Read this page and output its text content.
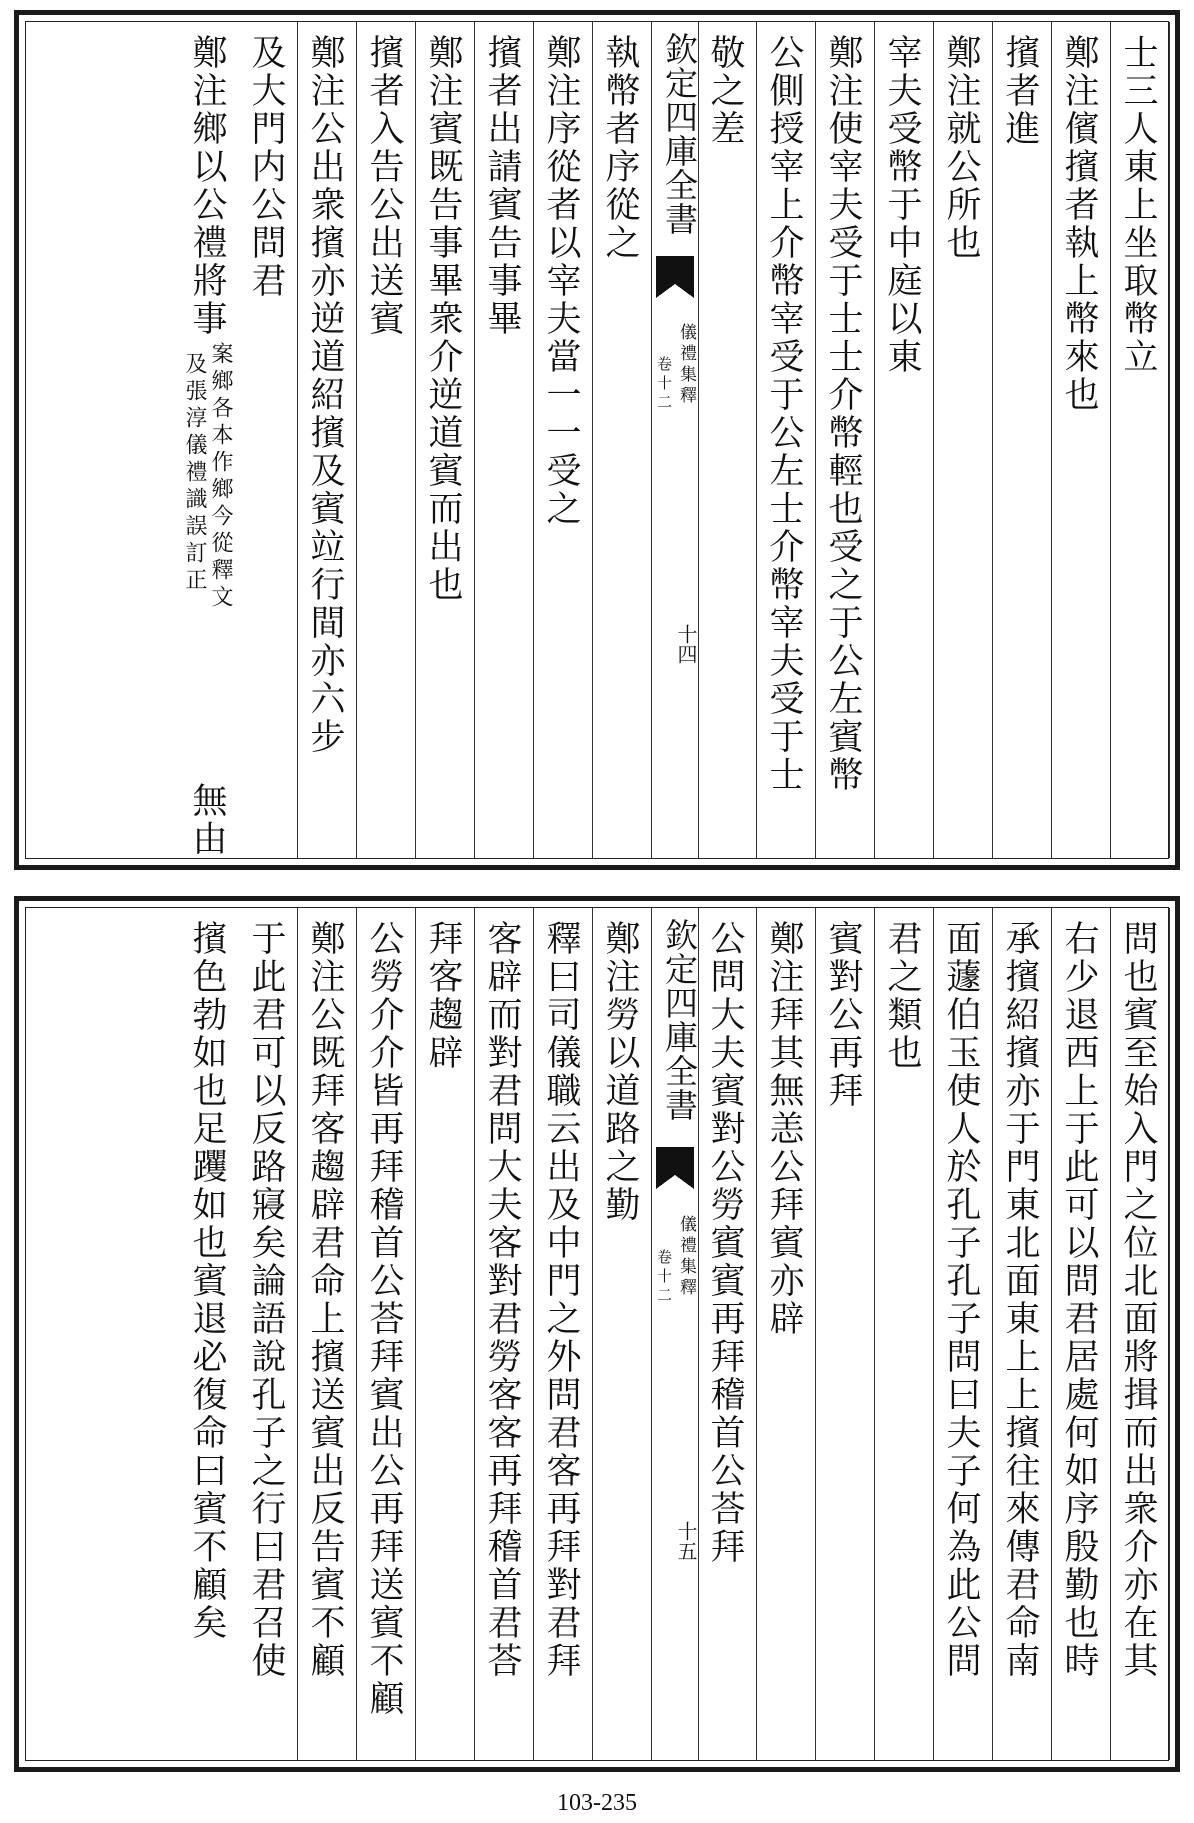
士三人東上坐取幣立
鄭注儐擯者執上幣來也
擯者進
鄭注就公所也
宰夫受幣于中庭以東
鄭注使宰夫受于士士介幣輕也受之于公左賓幣
公側授宰上介幣宰受于公左士介幣宰夫受于士
敬之差
欽定四庫全書
儀禮集釋
卷十二
十四
執幣者序從之
鄭注序從者以宰夫當一一受之
擯者出請賓告事畢
鄭注賓既告事畢衆介逆道賓而出也
擯者入告公出送賓
鄭注公出衆擯亦逆道紹擯及賓竝行間亦六步
及大門内公問君
鄭注鄉以公禮將事
案鄉各本作鄉今從釋文
及張淳儀禮識誤訂正
無由
問也賓至始入門之位北面將揖而出衆介亦在其
右少退西上于此可以問君居處何如序殷勤也時
承擯紹擯亦于門東北面東上上擯往來傳君命南
面蘧伯玉使人於孔子孔子問曰夫子何為此公問
君之類也
賓對公再拜
鄭注拜其無恙公拜賓亦辟
公問大夫賓對公勞賓賓再拜稽首公荅拜
欽定四庫全書
儀禮集釋
卷十二
十五
鄭注勞以道路之勤
釋曰司儀職云出及中門之外問君客再拜對君拜
客辟而對君問大夫客對君勞客客再拜稽首君荅
拜客趨辟
公勞介介皆再拜稽首公荅拜賓出公再拜送賓不顧
鄭注公既拜客趨辟君命上擯送賓出反告賓不顧
于此君可以反路寢矣論語說孔子之行曰君召使
擯色勃如也足躩如也賓退必復命曰賓不顧矣
103-235
